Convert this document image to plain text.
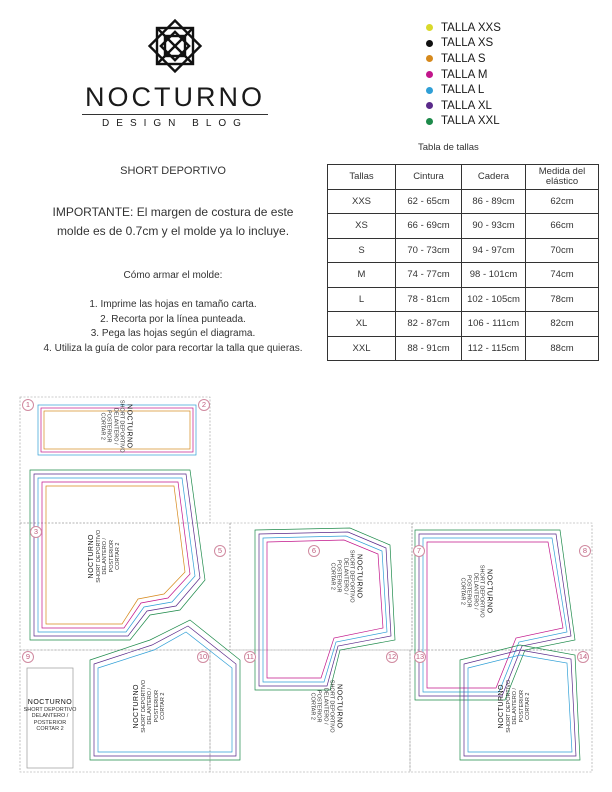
NOCTURNO
DESIGN BLOG
TALLA XXS
TALLA XS
TALLA S
TALLA M
TALLA L
TALLA XL
TALLA XXL
Tabla de tallas
Tallas	Cintura	Cadera	Medida del elástico
XXS	62 - 65cm	86 - 89cm	62cm
XS	66 - 69cm	90 - 93cm	66cm
S	70 - 73cm	94 - 97cm	70cm
M	74 - 77cm	98 - 101cm	74cm
L	78 - 81cm	102 - 105cm	78cm
XL	82 - 87cm	106 - 111cm	82cm
XXL	88 - 91cm	112 - 115cm	88cm
SHORT DEPORTIVO
IMPORTANTE: El margen de costura de este molde es de 0.7cm y el molde ya lo incluye.
Cómo armar el molde:
1. Imprime las hojas en tamaño carta.
2. Recorta por la línea punteada.
3. Pega las hojas según el diagrama.
4. Utiliza la guía de color para recortar la talla que quieras.
1	2
3
5	6	7	8
9	10	11	12	13	14
NOCTURNO
SHORT DEPORTIVO
DELANTERO / POSTERIOR
CORTAR 2
NOCTURNO SHORT DEPORTIVO DELANTERO / POSTERIOR CORTAR 2	NOCTURNO
SHORT DEPORTIVO
DELANTERO / POSTERIOR
CORTAR 2	NOCTURNO
SHORT DEPORTIVO
DELANTERO / POSTERIOR
CORTAR 2
NOCTURNO SHORT DEPORTIVO DELANTERO / POSTERIOR CORTAR 2	NOCTURNO
SHORT DEPORTIVO
DELANTERO / POSTERIOR
CORTAR 2	NOCTURNO SHORT DEPORTIVO DELANTERO / POSTERIOR CORTAR 2
NOCTURNO
SHORT DEPORTIVO
DELANTERO / POSTERIOR
CORTAR 2
